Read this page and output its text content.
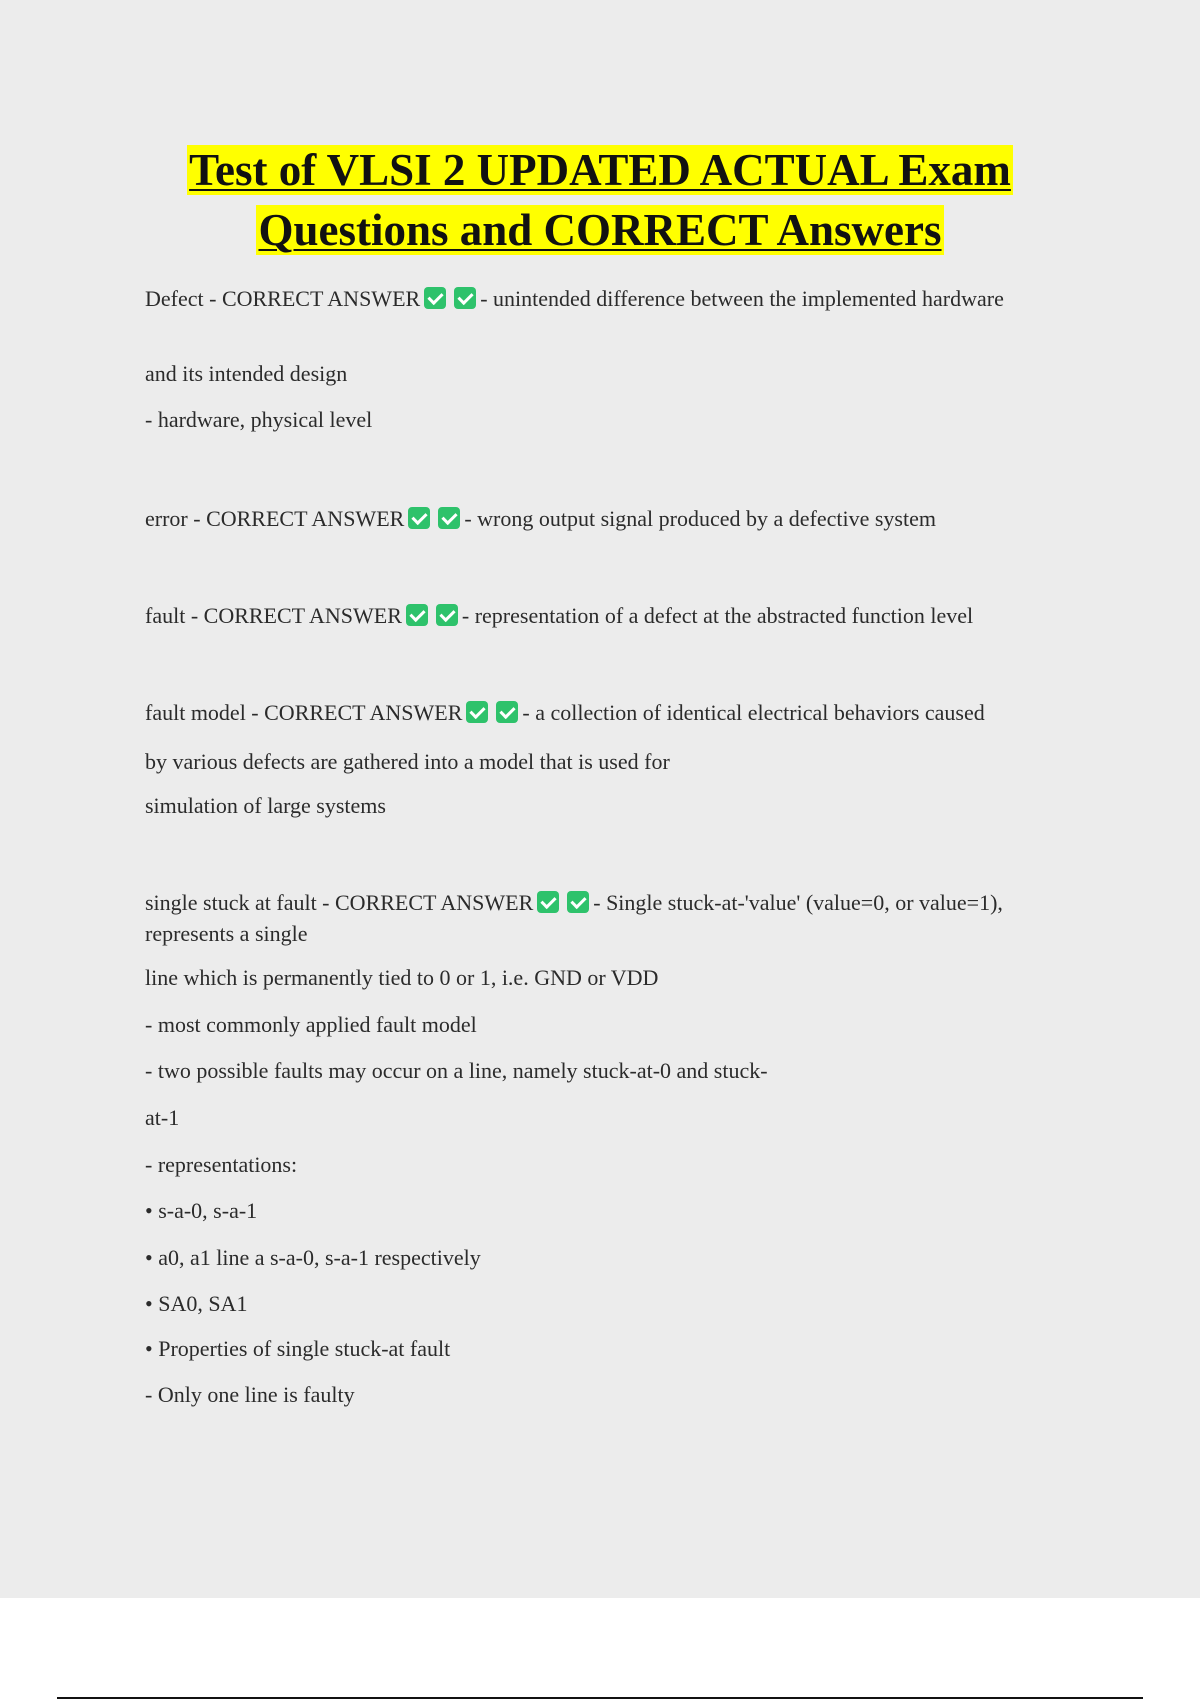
Test of VLSI 2 UPDATED ACTUAL Exam
Questions and CORRECT Answers

Defect - CORRECT ANSWER	- unintended difference between the implemented hardware

and its intended design

- hardware, physical level

error - CORRECT ANSWER	- wrong output signal produced by a defective system

fault - CORRECT ANSWER	- representation of a defect at the abstracted function level

fault model - CORRECT ANSWER	- a collection of identical electrical behaviors caused

by various defects are gathered into a model that is used for

simulation of large systems

single stuck at fault - CORRECT ANSWER	- Single stuck-at-'value' (value=0, or value=1), represents a single

line which is permanently tied to 0 or 1, i.e. GND or VDD

- most commonly applied fault model

- two possible faults may occur on a line, namely stuck-at-0 and stuck-

at-1

- representations:

• s-a-0, s-a-1

• a0, a1 line a s-a-0, s-a-1 respectively

• SA0, SA1

• Properties of single stuck-at fault

- Only one line is faulty
